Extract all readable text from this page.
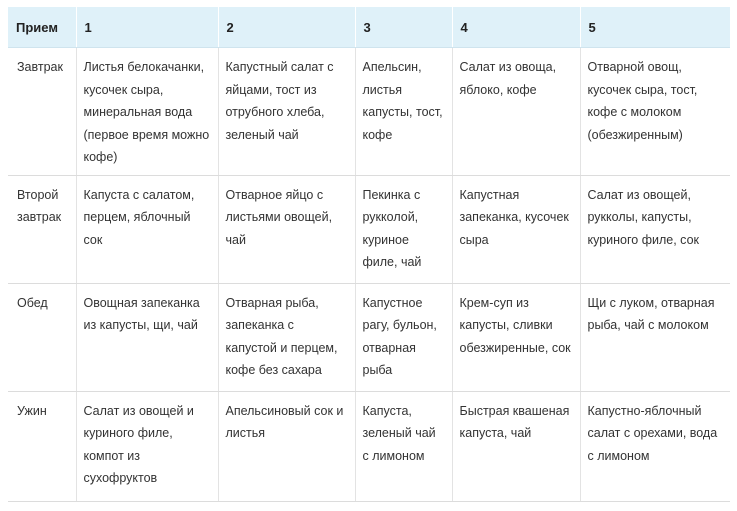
Прием	1	2	3	4	5
Завтрак	Листья белокачанки, кусочек сыра, минеральная вода (первое время можно кофе)	Капустный салат с яйцами, тост из отрубного хлеба, зеленый чай	Апельсин, листья капусты, тост, кофе	Салат из овоща, яблоко, кофе	Отварной овощ, кусочек сыра, тост, кофе с молоком (обезжиренным)
Второй завтрак	Капуста с салатом, перцем, яблочный сок	Отварное яйцо с листьями овощей, чай	Пекинка с рукколой, куриное филе, чай	Капустная запеканка, кусочек сыра	Салат из овощей, рукколы, капусты, куриного филе, сок
Обед	Овощная запеканка из капусты, щи, чай	Отварная рыба, запеканка с капустой и перцем, кофе без сахара	Капустное рагу, бульон, отварная рыба	Крем-суп из капусты, сливки обезжиренные, сок	Щи с луком, отварная рыба, чай с молоком
Ужин	Салат из овощей и куриного филе, компот из сухофруктов	Апельсиновый сок и листья	Капуста, зеленый чай с лимоном	Быстрая квашеная капуста, чай	Капустно-яблочный салат с орехами, вода с лимоном
